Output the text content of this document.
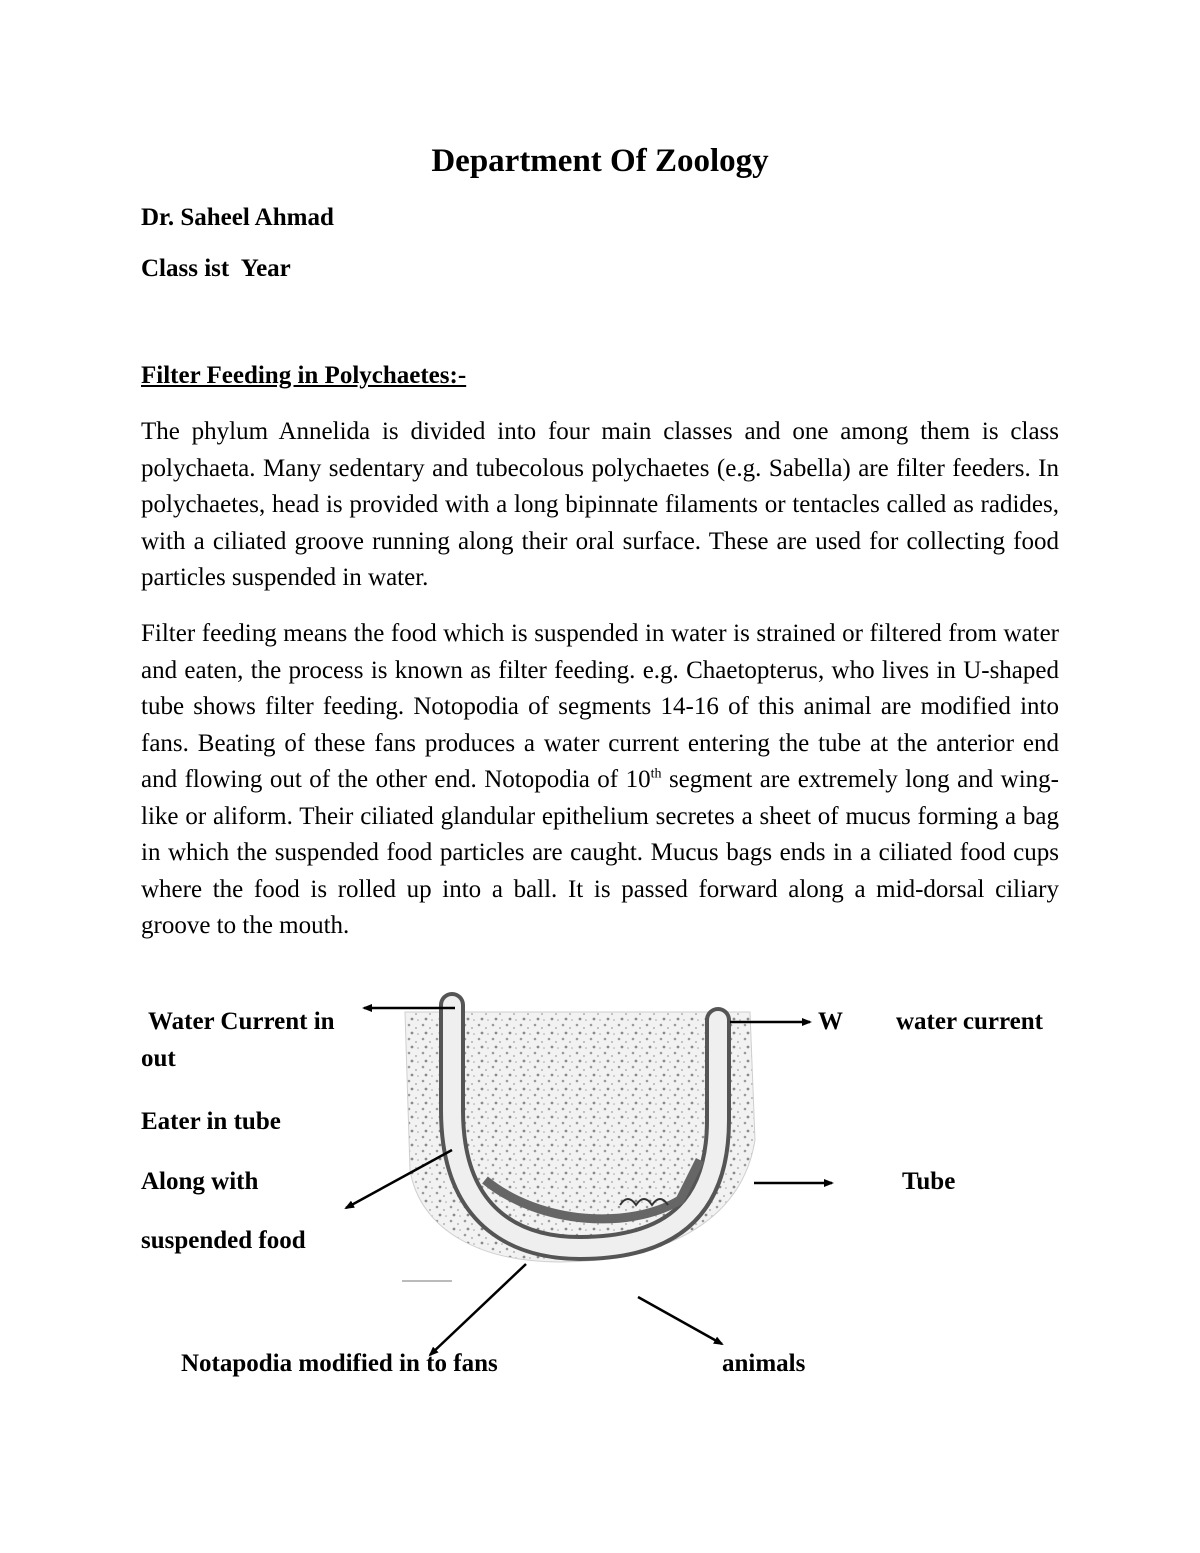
Department Of Zoology
Dr. Saheel Ahmad
Class ist  Year
Filter Feeding in Polychaetes:-
The phylum Annelida is divided into four main classes and one among them is class polychaeta. Many sedentary and tubecolous polychaetes (e.g. Sabella) are filter feeders. In polychaetes, head is provided with a long bipinnate filaments or tentacles called as radides, with a ciliated groove running along their oral surface. These are used for collecting food particles suspended in water.
Filter feeding means the food which is suspended in water is strained or filtered from water and eaten, the process is known as filter feeding. e.g. Chaetopterus, who lives in U-shaped tube shows filter feeding. Notopodia of segments 14-16 of this animal are modified into fans. Beating of these fans produces a water current entering the tube at the anterior end and flowing out of the other end. Notopodia of 10th segment are extremely long and wing-like or aliform. Their ciliated glandular epithelium secretes a sheet of mucus forming a bag in which the suspended food particles are caught. Mucus bags ends in a ciliated food cups where the food is rolled up into a ball. It is passed forward along a mid-dorsal ciliary groove to the mouth.
Water Current in
out
W water current
Eater in tube
Along with
suspended food
Tube
Notapodia modified in to fans	animals
